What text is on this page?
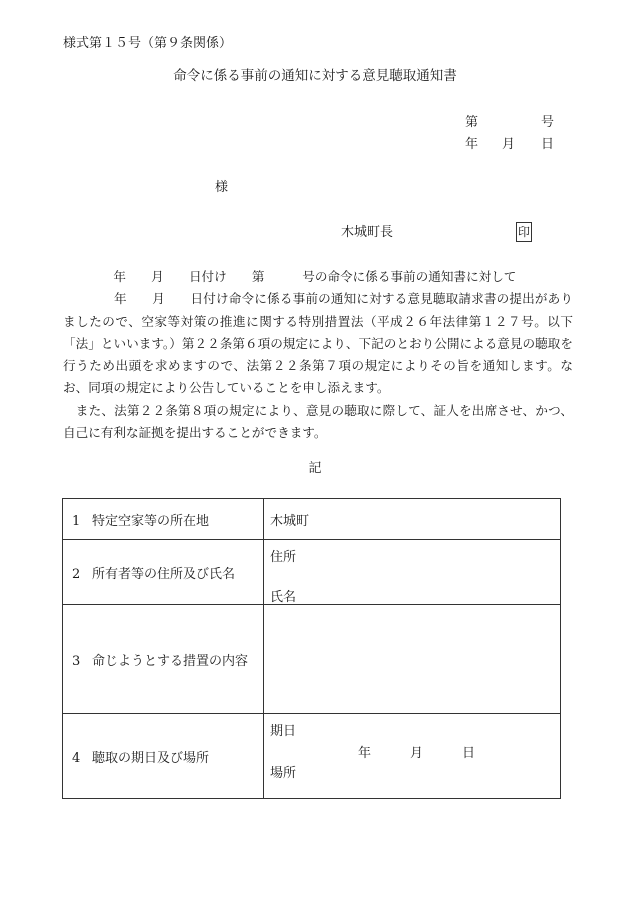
様式第１５号（第９条関係）
命令に係る事前の通知に対する意見聴取通知書
第	号
年 月 日
様
木城町長	印

　　　　年　　月　　日付け　　第　　　号の命令に係る事前の通知書に対して

　　　　年　　月　　日付け命令に係る事前の通知に対する意見聴取請求書の提出がありましたので、空家等対策の推進に関する特別措置法（平成２６年法律第１２７号。以下「法」といいます。）第２２条第６項の規定により、下記のとおり公開による意見の聴取を行うため出頭を求めますので、法第２２条第７項の規定によりその旨を通知します。なお、同項の規定により公告していることを申し添えます。

　また、法第２２条第８項の規定により、意見の聴取に際して、証人を出席させ、かつ、自己に有利な証拠を提出することができます。

記
1 特定空家等の所在地	木城町
2 所有者等の住所及び氏名	住所
氏名

3 命じようとする措置の内容	
4 聴取の期日及び場所	期日
年　　　月　　　日
場所
